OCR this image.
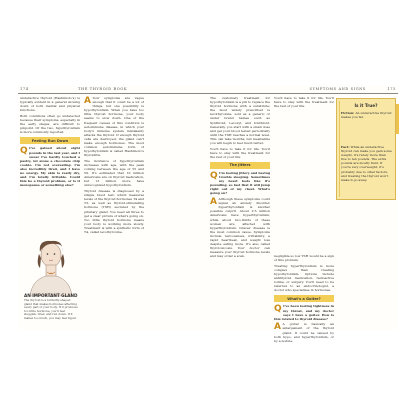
174	THE THYROID BOOK

underactive thyroid (Hashimoto's) is typically evident in a general slowing down of both mental and physical functions.

Both conditions often go undetected because their symptoms, especially in the early stages, are difficult to pinpoint. Of the two, hypothyroidism is more commonly reported.

Feeling Run Down
Q I've gained about eight pounds in the last year, and I swear I've hardly touched a pastry, let alone a chocolate chip cookie. I'm not overeating. I'm also incredibly tired, and I have no energy. My skin is really dry, and I'm totally irritable. Could this be a thyroid problem, or is it menopause or something else?

AN IMPORTANT GLAND
The thyroid is a butterfly-shaped gland that makes hormones affecting every part of your body. If it produces too little hormone, you'll feel sluggish, tired, and run down. If it makes too much, you may feel hyper.
A Your symptoms are vague enough that it could be a lot of things, but one possibility is hypothyroidism. When you have too little thyroid hormone, your body seems to slow down. One of the frequent causes of this condition is autoimmune disease, in which your body's immune system mistakenly attacks the thyroid. If enough thyroid cells are destroyed, the gland can't make enough hormones. The most common autoimmune form of hypothyroidism is called Hashimoto's thyroiditis.

The incidence of hypothyroidism increases with age, with the peak coming between the age of 55 and 59. It's estimated that 10 million Americans are on thyroid medication, but 13 million more have unrecognized hypothyroidism.

Thyroid disease is diagnosed by a simple blood test, which measures levels of the thyroid hormones T4 and T3, as well as thyroid-stimulating hormone (TSH) secreted by the pituitary gland. You need all three to get a clear picture of what's going on. Too little thyroid hormone means your body is working more slowly. Treatment is with a synthetic form of T4, called levothyroxine.

SYMPTOMS AND SIGNS	175

The customary treatment for hypothyroidism is a pill to replace the thyroid hormone with a substitute; the most widely prescribed is levothyroxine, sold as a generic or under brand names such as Synthroid, Levoxyl, and Unithroid. Generally, you start with a small dose and get your blood tested periodically until the TSH reaches a normal level. This can take months, but meanwhile you will begin to feel much better.

You'll have to take it for life. You'll have to stay with the treatment for the rest of your life.

The Jitters
Q I'm feeling jittery and having trouble sleeping. Sometimes my heart feels like it's pounding, so fast that it will jump right out of my chest. What's going on?

A Although these symptoms could signal an anxiety disorder, hyperthyroidism is another possible culprit. About 2.5 million Americans have hyperthyroidism, while about two-thirds of these women are affected with hyperthyroidism. Graves' disease is the most common cause. Symptoms include nervousness, irritability, a rapid heartbeat, and weight loss despite eating more. It's also called thyrotoxicosis. Your doctor can measure your thyroid hormone levels and may order a scan.	negligible so low TSH would be a sign of this problem.

Treating hyperthyroidism is more complex than treating hypothyroidism. Options include antithyroid medication, radioactive iodine, or surgery. You'll need to be referred to an endocrinologist, a doctor who specializes in hormones.

What's a Goiter?
Q I've been feeling tightness in my throat, and my doctor says I have a goiter. How is this related to thyroid disease?

A A goiter is basically an enlargement of the thyroid gland. It could be caused by both hypo- and hyperthyroidism, or by a nodule.

You'll have to take it for life. You'll have to stay with the treatment for the rest of your life.	Is it True?
Fiction: An underactive thyroid makes you fat.
Fact: While an underactive thyroid can make you gain some weight, it's rarely more than five to ten pounds. The extra pounds are mostly fluid. If you're very overweight, it's probably due to other factors, and treating the thyroid won't make it go away.
